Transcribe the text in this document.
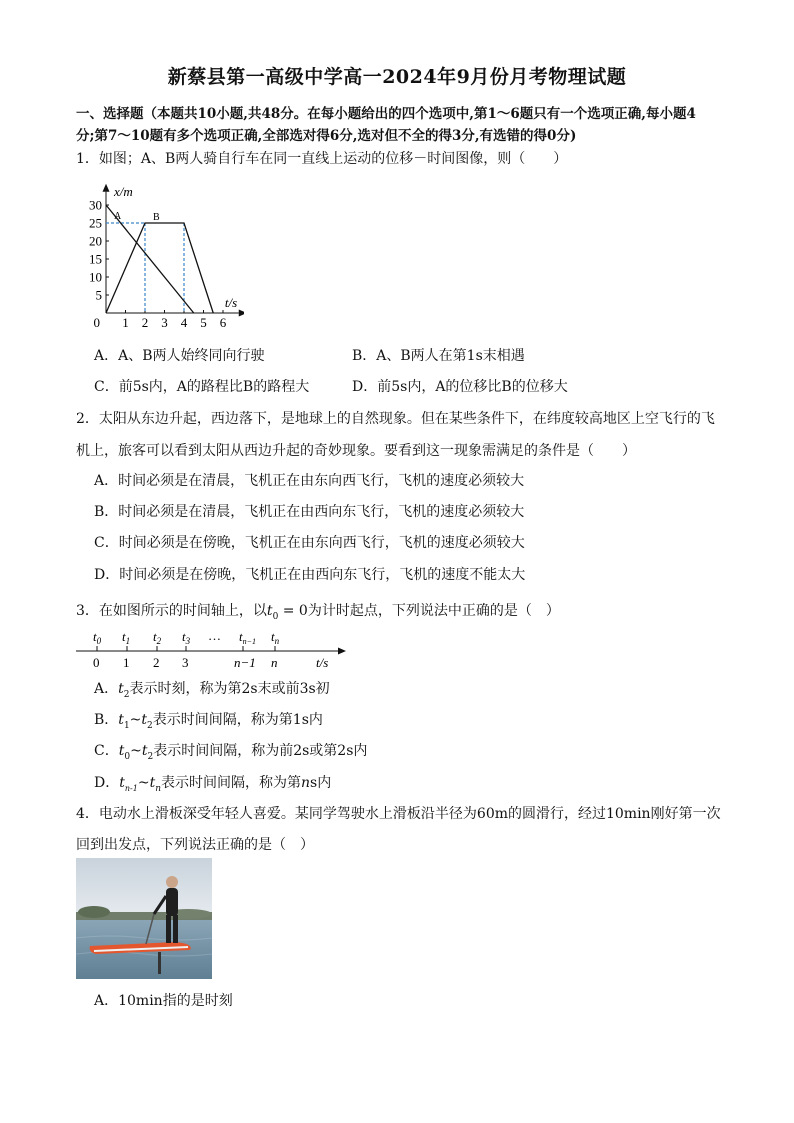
新蔡县第一高级中学高一2024年9月份月考物理试题
一、选择题（本题共10小题,共48分。在每小题给出的四个选项中,第1～6题只有一个选项正确,每小题4
分;第7～10题有多个选项正确,全部选对得6分,选对但不全的得3分,有选错的得0分)
1．如图；A、B两人骑自行车在同一直线上运动的位移－时间图像，则（　　）
1 2 3 4 5 6
5
10
15
20
25
30
0
x/m
t/s
A	B
A．A、B两人始终同向行驶	B．A、B两人在第1s末相遇
C．前5s内，A的路程比B的路程大	D．前5s内，A的位移比B的位移大
2．太阳从东边升起，西边落下，是地球上的自然现象。但在某些条件下，在纬度较高地区上空飞行的飞
机上，旅客可以看到太阳从西边升起的奇妙现象。要看到这一现象需满足的条件是（　　）
A．时间必须是在清晨，飞机正在由东向西飞行，飞机的速度必须较大
B．时间必须是在清晨，飞机正在由西向东飞行，飞机的速度必须较大
C．时间必须是在傍晚，飞机正在由东向西飞行，飞机的速度必须较大
D．时间必须是在傍晚，飞机正在由西向东飞行，飞机的速度不能太大
3．在如图所示的时间轴上，以$t_0 = 0$为计时起点，下列说法中正确的是（　）
$t_0$ $t_1$ $t_2$ $t_3$ … $t_{n-1}$ $t_n$
0 1 2 3	n−1 n	t/s
A．$t_2$表示时刻，称为第2s末或前3s初
B．$t_1\sim t_2$表示时间间隔，称为第1s内
C．$t_0\sim t_2$表示时间间隔，称为前2s或第2s内
D．$t_{n-1}\sim t_n$表示时间间隔，称为第ns内
4．电动水上滑板深受年轻人喜爱。某同学驾驶水上滑板沿半径为60m的圆滑行，经过10min刚好第一次
回到出发点，下列说法正确的是（　）
A．10min指的是时刻
